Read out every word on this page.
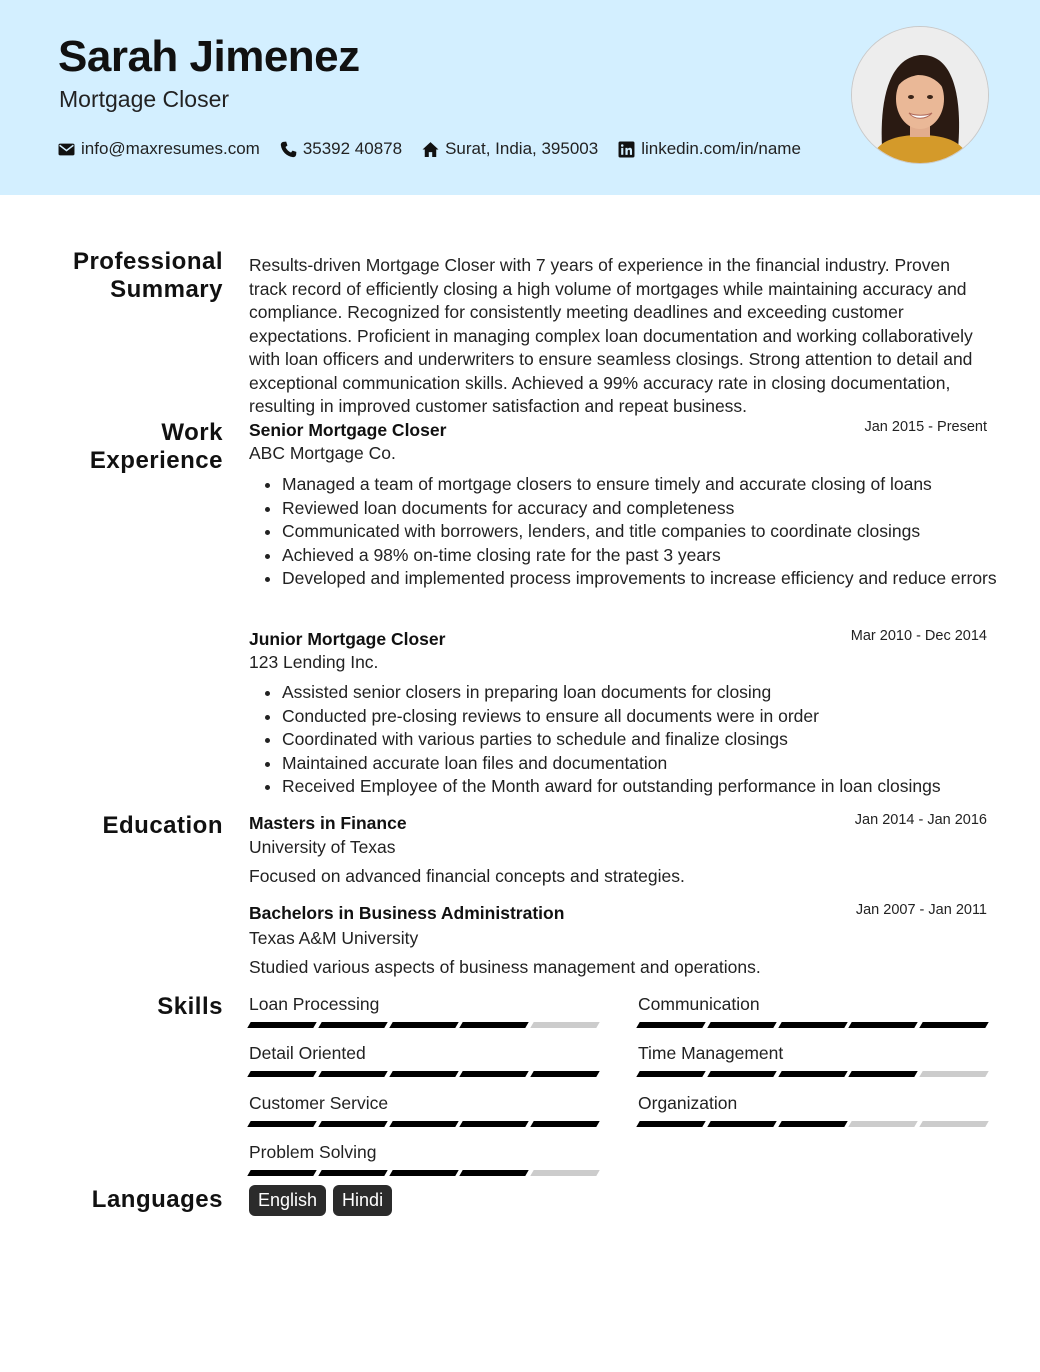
Sarah Jimenez
Mortgage Closer
info@maxresumes.com	35392 40878	Surat, India, 395003	linkedin.com/in/name
Professional
Summary
Results-driven Mortgage Closer with 7 years of experience in the financial industry. Proven track record of efficiently closing a high volume of mortgages while maintaining accuracy and compliance. Recognized for consistently meeting deadlines and exceeding customer expectations. Proficient in managing complex loan documentation and working collaboratively with loan officers and underwriters to ensure seamless closings. Strong attention to detail and exceptional communication skills. Achieved a 99% accuracy rate in closing documentation, resulting in improved customer satisfaction and repeat business.
Work
Experience
Senior Mortgage Closer	Jan 2015 - Present
ABC Mortgage Co.
• Managed a team of mortgage closers to ensure timely and accurate closing of loans
• Reviewed loan documents for accuracy and completeness
• Communicated with borrowers, lenders, and title companies to coordinate closings
• Achieved a 98% on-time closing rate for the past 3 years
• Developed and implemented process improvements to increase efficiency and reduce errors
Junior Mortgage Closer	Mar 2010 - Dec 2014
123 Lending Inc.
• Assisted senior closers in preparing loan documents for closing
• Conducted pre-closing reviews to ensure all documents were in order
• Coordinated with various parties to schedule and finalize closings
• Maintained accurate loan files and documentation
• Received Employee of the Month award for outstanding performance in loan closings
Education Masters in Finance	Jan 2014 - Jan 2016
University of Texas
Focused on advanced financial concepts and strategies.
Bachelors in Business Administration	Jan 2007 - Jan 2011
Texas A&M University
Studied various aspects of business management and operations.
Skills Loan Processing	Communication
Detail Oriented	Time Management
Customer Service	Organization
Problem Solving
Languages	English	Hindi
